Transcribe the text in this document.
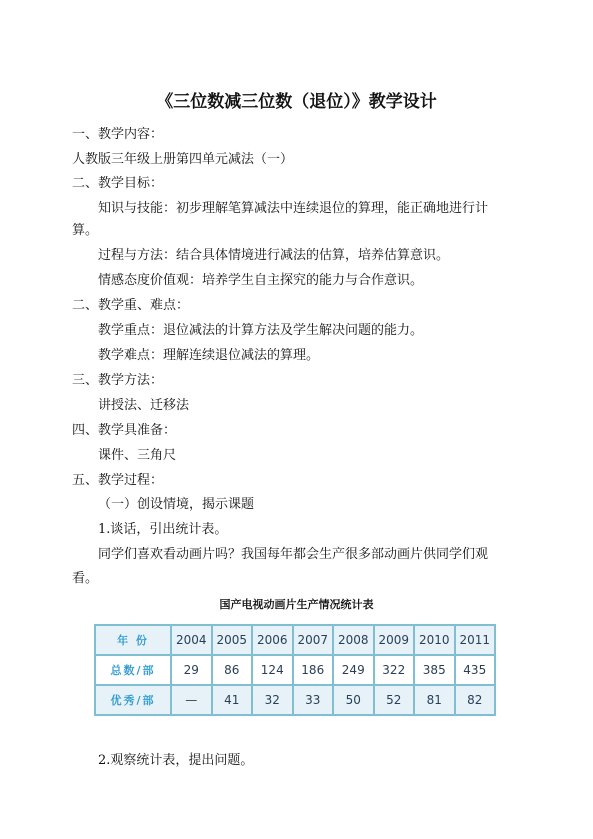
《三位数减三位数（退位）》教学设计
一、教学内容：
人教版三年级上册第四单元减法（一）
二、教学目标：
知识与技能：初步理解笔算减法中连续退位的算理，能正确地进行计
算。
过程与方法：结合具体情境进行减法的估算，培养估算意识。
情感态度价值观：培养学生自主探究的能力与合作意识。
二、教学重、难点：
教学重点：退位减法的计算方法及学生解决问题的能力。
教学难点：理解连续退位减法的算理。
三、教学方法：
讲授法、迁移法
四、教学具准备：
课件、三角尺
五、教学过程：
（一）创设情境，揭示课题
1.谈话，引出统计表。
同学们喜欢看动画片吗？我国每年都会生产很多部动画片供同学们观
看。
国产电视动画片生产情况统计表
年 份	2004	2005	2006	2007	2008	2009	2010	2011
总数/部	29	86	124	186	249	322	385	435
优秀/部	—	41	32	33	50	52	81	82
2.观察统计表，提出问题。
